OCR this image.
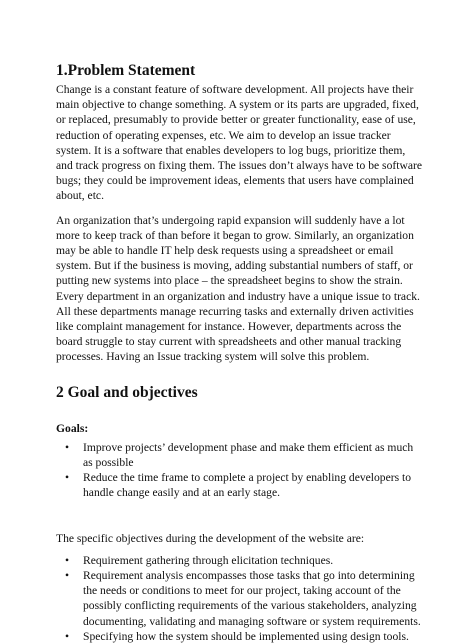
1.Problem Statement

Change is a constant feature of software development. All projects have their main objective to change something. A system or its parts are upgraded, fixed, or replaced, presumably to provide better or greater functionality, ease of use, reduction of operating expenses, etc. We aim to develop an issue tracker system. It is a software that enables developers to log bugs, prioritize them, and track progress on fixing them. The issues don’t always have to be software bugs; they could be improvement ideas, elements that users have complained about, etc.

An organization that’s undergoing rapid expansion will suddenly have a lot more to keep track of than before it began to grow. Similarly, an organization may be able to handle IT help desk requests using a spreadsheet or email system. But if the business is moving, adding substantial numbers of staff, or putting new systems into place – the spreadsheet begins to show the strain. Every department in an organization and industry have a unique issue to track. All these departments manage recurring tasks and externally driven activities like complaint management for instance. However, departments across the board struggle to stay current with spreadsheets and other manual tracking processes. Having an Issue tracking system will solve this problem.

2 Goal and objectives
Goals:
• Improve projects’ development phase and make them efficient as much as possible
• Reduce the time frame to complete a project by enabling developers to handle change easily and at an early stage.

The specific objectives during the development of the website are:

• Requirement gathering through elicitation techniques.
• Requirement analysis encompasses those tasks that go into determining the needs or conditions to meet for our project, taking account of the possibly conflicting requirements of the various stakeholders, analyzing documenting, validating and managing software or system requirements.
• Specifying how the system should be implemented using design tools.
